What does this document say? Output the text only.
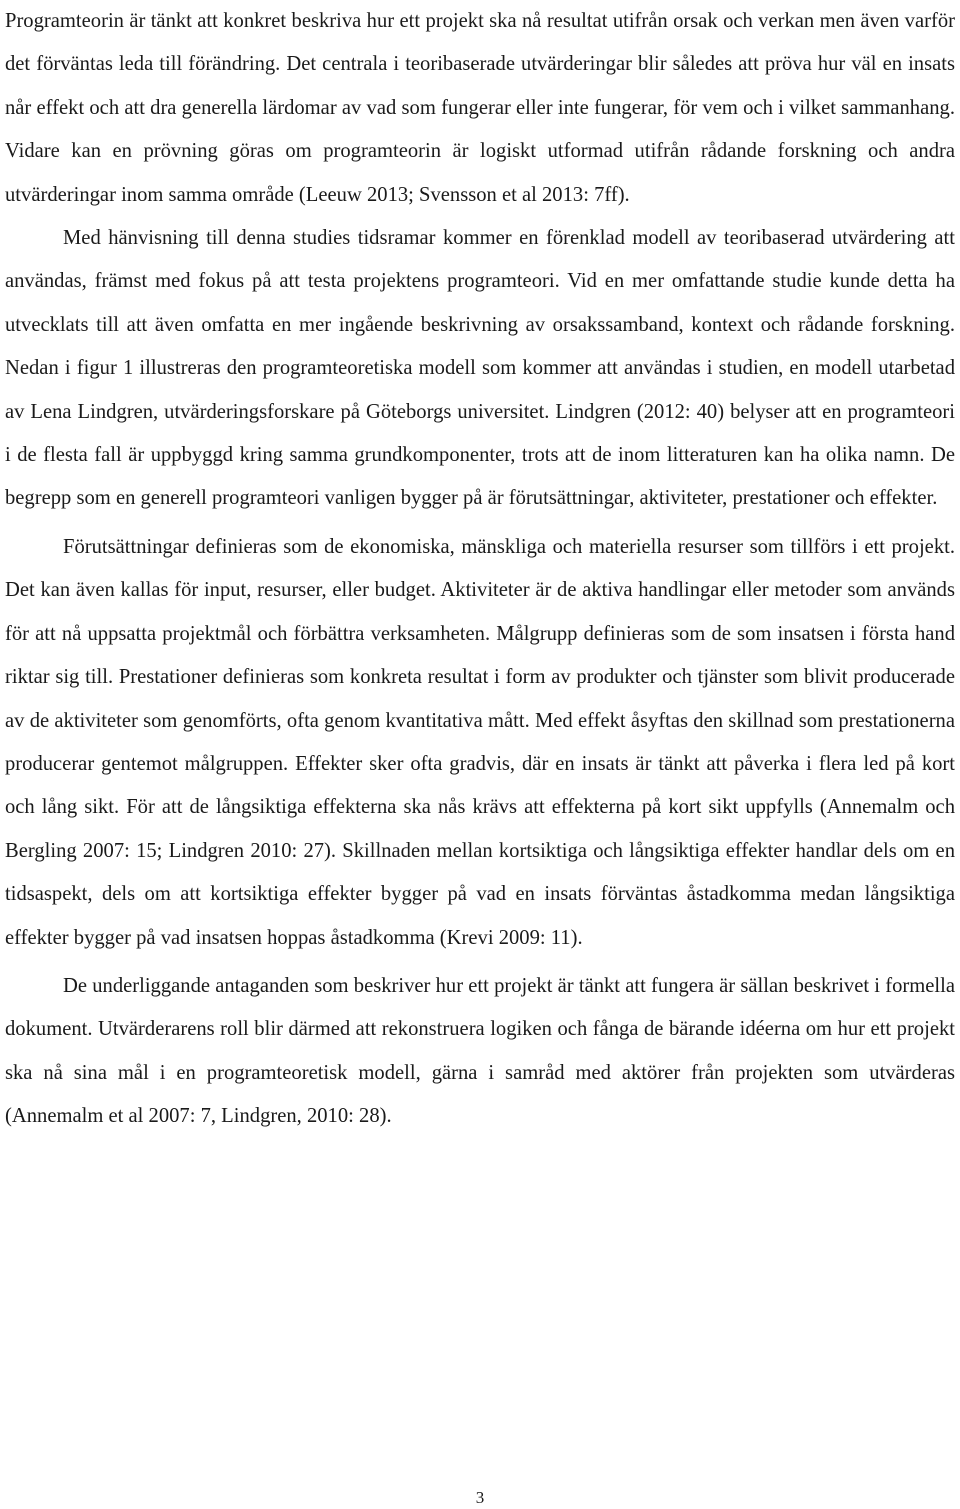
Programteorin är tänkt att konkret beskriva hur ett projekt ska nå resultat utifrån orsak och verkan men även varför det förväntas leda till förändring. Det centrala i teoribaserade utvärderingar blir således att pröva hur väl en insats når effekt och att dra generella lärdomar av vad som fungerar eller inte fungerar, för vem och i vilket sammanhang. Vidare kan en prövning göras om programteorin är logiskt utformad utifrån rådande forskning och andra utvärderingar inom samma område (Leeuw 2013; Svensson et al 2013: 7ff).

Med hänvisning till denna studies tidsramar kommer en förenklad modell av teoribaserad utvärdering att användas, främst med fokus på att testa projektens programteori. Vid en mer omfattande studie kunde detta ha utvecklats till att även omfatta en mer ingående beskrivning av orsakssamband, kontext och rådande forskning. Nedan i figur 1 illustreras den programteoretiska modell som kommer att användas i studien, en modell utarbetad av Lena Lindgren, utvärderingsforskare på Göteborgs universitet. Lindgren (2012: 40) belyser att en programteori i de flesta fall är uppbyggd kring samma grundkomponenter, trots att de inom litteraturen kan ha olika namn. De begrepp som en generell programteori vanligen bygger på är förutsättningar, aktiviteter, prestationer och effekter.

Förutsättningar definieras som de ekonomiska, mänskliga och materiella resurser som tillförs i ett projekt. Det kan även kallas för input, resurser, eller budget. Aktiviteter är de aktiva handlingar eller metoder som används för att nå uppsatta projektmål och förbättra verksamheten. Målgrupp definieras som de som insatsen i första hand riktar sig till. Prestationer definieras som konkreta resultat i form av produkter och tjänster som blivit producerade av de aktiviteter som genomförts, ofta genom kvantitativa mått. Med effekt åsyftas den skillnad som prestationerna producerar gentemot målgruppen. Effekter sker ofta gradvis, där en insats är tänkt att påverka i flera led på kort och lång sikt. För att de långsiktiga effekterna ska nås krävs att effekterna på kort sikt uppfylls (Annemalm och Bergling 2007: 15; Lindgren 2010: 27). Skillnaden mellan kortsiktiga och långsiktiga effekter handlar dels om en tidsaspekt, dels om att kortsiktiga effekter bygger på vad en insats förväntas åstadkomma medan långsiktiga effekter bygger på vad insatsen hoppas åstadkomma (Krevi 2009: 11).

De underliggande antaganden som beskriver hur ett projekt är tänkt att fungera är sällan beskrivet i formella dokument. Utvärderarens roll blir därmed att rekonstruera logiken och fånga de bärande idéerna om hur ett projekt ska nå sina mål i en programteoretisk modell, gärna i samråd med aktörer från projekten som utvärderas (Annemalm et al 2007: 7, Lindgren, 2010: 28).

3
